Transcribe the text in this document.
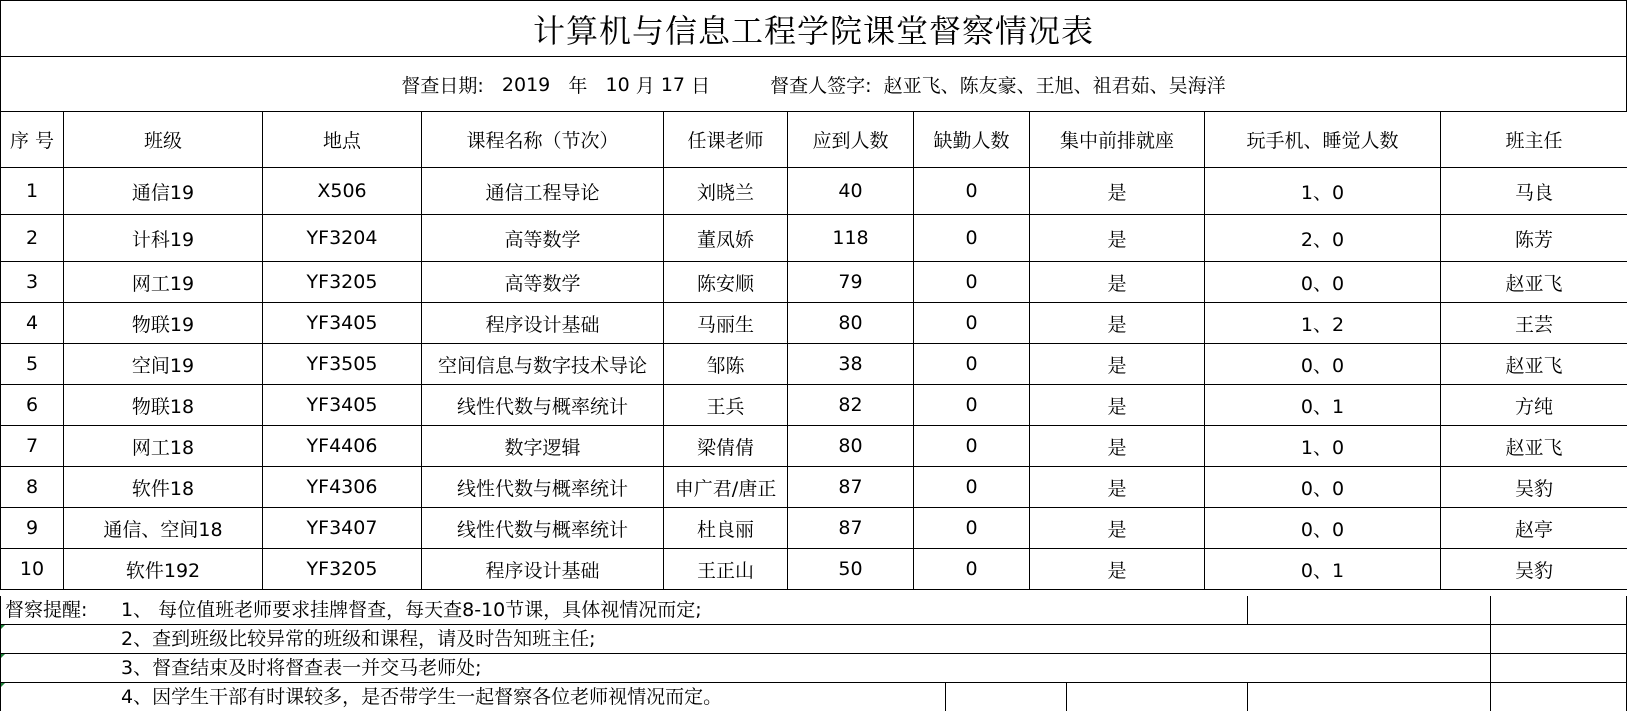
计算机与信息工程学院课堂督察情况表
督查日期:
2019
年
10
月
17
日	督查人签字:
赵亚飞、陈友豪、王旭、祖君茹、吴海洋
序 号	班级	地点	课程名称（节次）	任课老师	应到人数	缺勤人数	集中前排就座	玩手机、睡觉人数	班主任
1	通信19	X506	通信工程导论	刘晓兰	40	0	是	1、0	马良
2	计科19	YF3204	高等数学	董凤娇	118	0	是	2、0	陈芳
3	网工19	YF3205	高等数学	陈安顺	79	0	是	0、0	赵亚飞
4	物联19	YF3405	程序设计基础	马丽生	80	0	是	1、2	王芸
5	空间19	YF3505	空间信息与数字技术导论	邹陈	38	0	是	0、0	赵亚飞
6	物联18	YF3405	线性代数与概率统计	王兵	82	0	是	0、1	方纯
7	网工18	YF4406	数字逻辑	梁倩倩	80	0	是	1、0	赵亚飞
8	软件18	YF4306	线性代数与概率统计	申广君/唐正	87	0	是	0、0	吴豹
9	通信、空间18	YF3407	线性代数与概率统计	杜良丽	87	0	是	0、0	赵亭
10	软件192	YF3205	程序设计基础	王正山	50	0	是	0、1	吴豹
督察提醒: 1、 每位值班老师要求挂牌督查，每天查8-10节课，具体视情况而定;
2、查到班级比较异常的班级和课程，请及时告知班主任;
3、督查结束及时将督查表一并交马老师处;
4、因学生干部有时课较多，是否带学生一起督察各位老师视情况而定。
